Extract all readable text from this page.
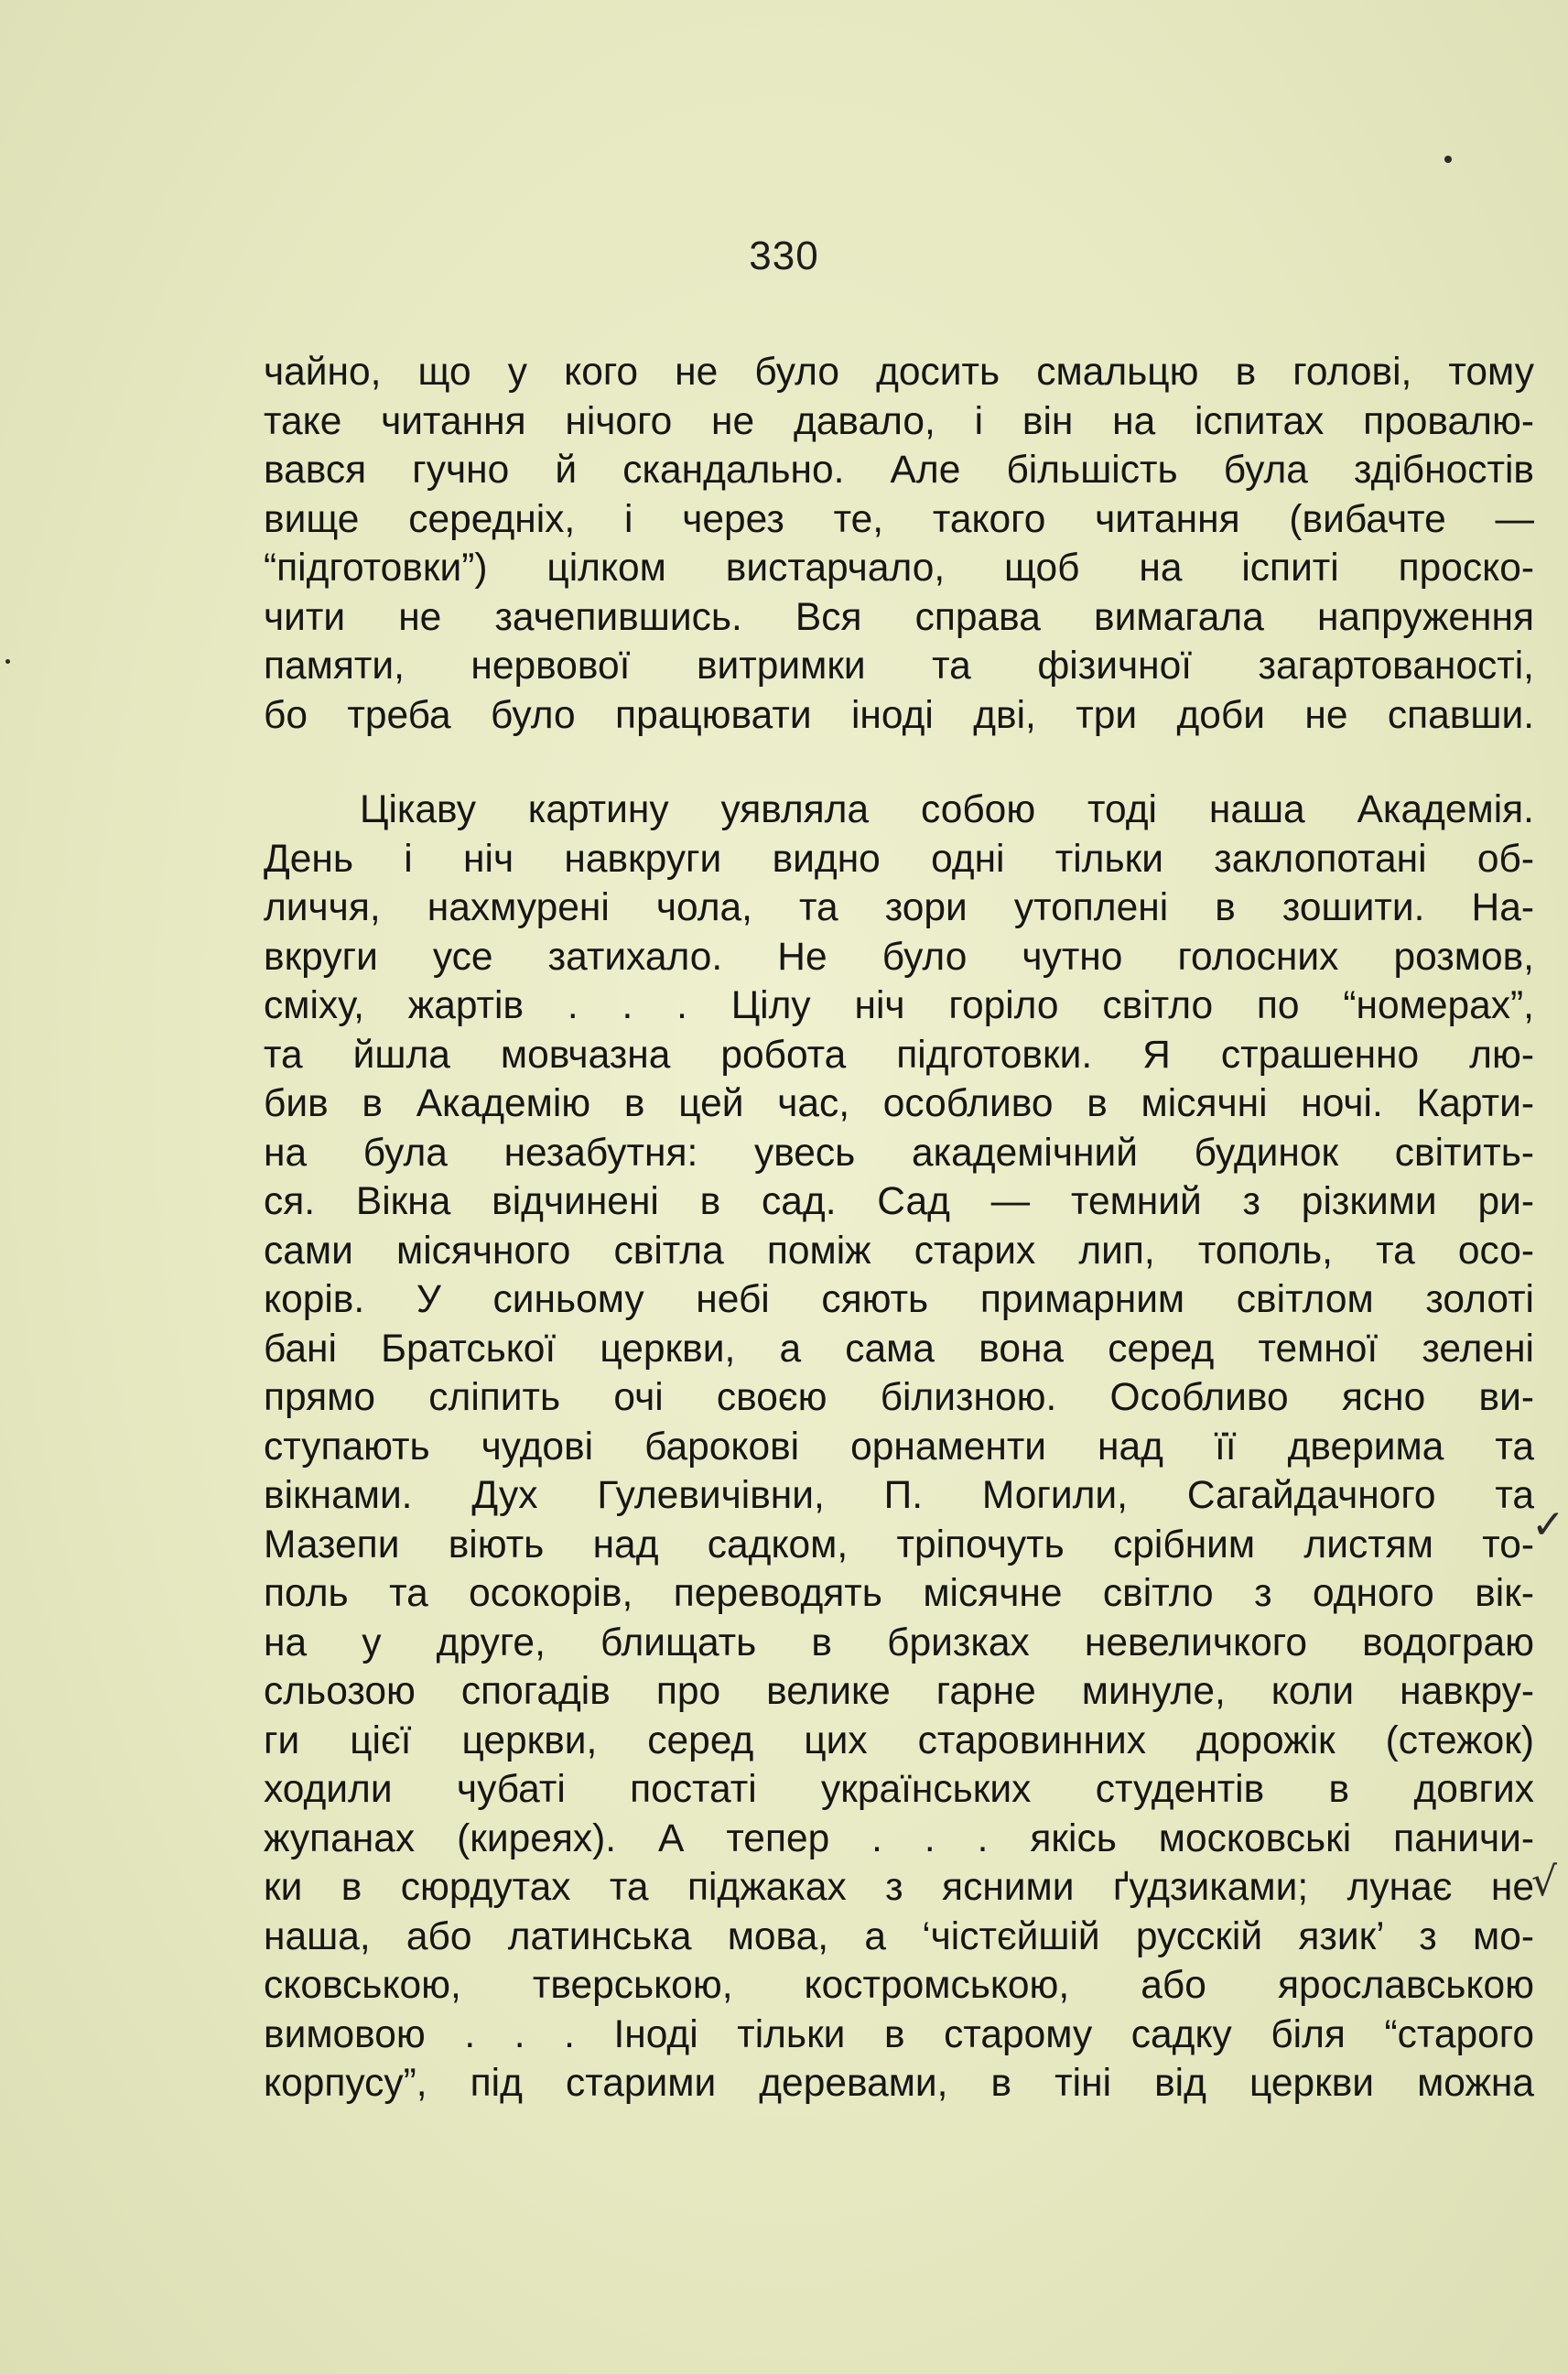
330
чайно, що у кого не було досить смальцю в голові, тому
таке читання нічого не давало, і він на іспитах провалю-
вався гучно й скандально. Але більшість була здібностів
вище середніх, і через те, такого читання (вибачте —
“підготовки”) цілком вистарчало, щоб на іспиті проско-
чити не зачепившись. Вся справа вимагала напруження
памяти, нервової витримки та фізичної загартованості,
бо треба було працювати іноді дві, три доби не спавши.
Цікаву картину уявляла собою тоді наша Академія.
День і ніч навкруги видно одні тільки заклопотані об-
личчя, нахмурені чола, та зори утоплені в зошити. На-
вкруги усе затихало. Не було чутно голосних розмов,
сміху, жартів . . . Цілу ніч горіло світло по “номерах”,
та йшла мовчазна робота підготовки. Я страшенно лю-
бив в Академію в цей час, особливо в місячні ночі. Карти-
на була незабутня: увесь академічний будинок світить-
ся. Вікна відчинені в сад. Сад — темний з різкими ри-
сами місячного світла поміж старих лип, тополь, та осо-
корів. У синьому небі сяють примарним світлом золоті
бані Братської церкви, а сама вона серед темної зелені
прямо сліпить очі своєю білизною. Особливо ясно ви-
ступають чудові барокові орнаменти над її дверима та
вікнами. Дух Гулевичівни, П. Могили, Сагайдачного та
Мазепи віють над садком, тріпочуть срібним листям то-
поль та осокорів, переводять місячне світло з одного вік-
на у друге, блищать в бризках невеличкого водограю
сльозою спогадів про велике гарне минуле, коли навкру-
ги цієї церкви, серед цих старовинних дорожік (стежок)
ходили чубаті постаті українських студентів в довгих
жупанах (киреях). А тепер . . . якісь московські паничи-
ки в сюрдутах та піджаках з ясними ґудзиками; лунає не
наша, або латинська мова, а ‘чістєйшій русскій язик’ з мо-
сковською, тверською, костромською, або ярославською
вимовою . . . Іноді тільки в старому садку біля “старого
корпусу”, під старими деревами, в тіні від церкви можна
✓
√
